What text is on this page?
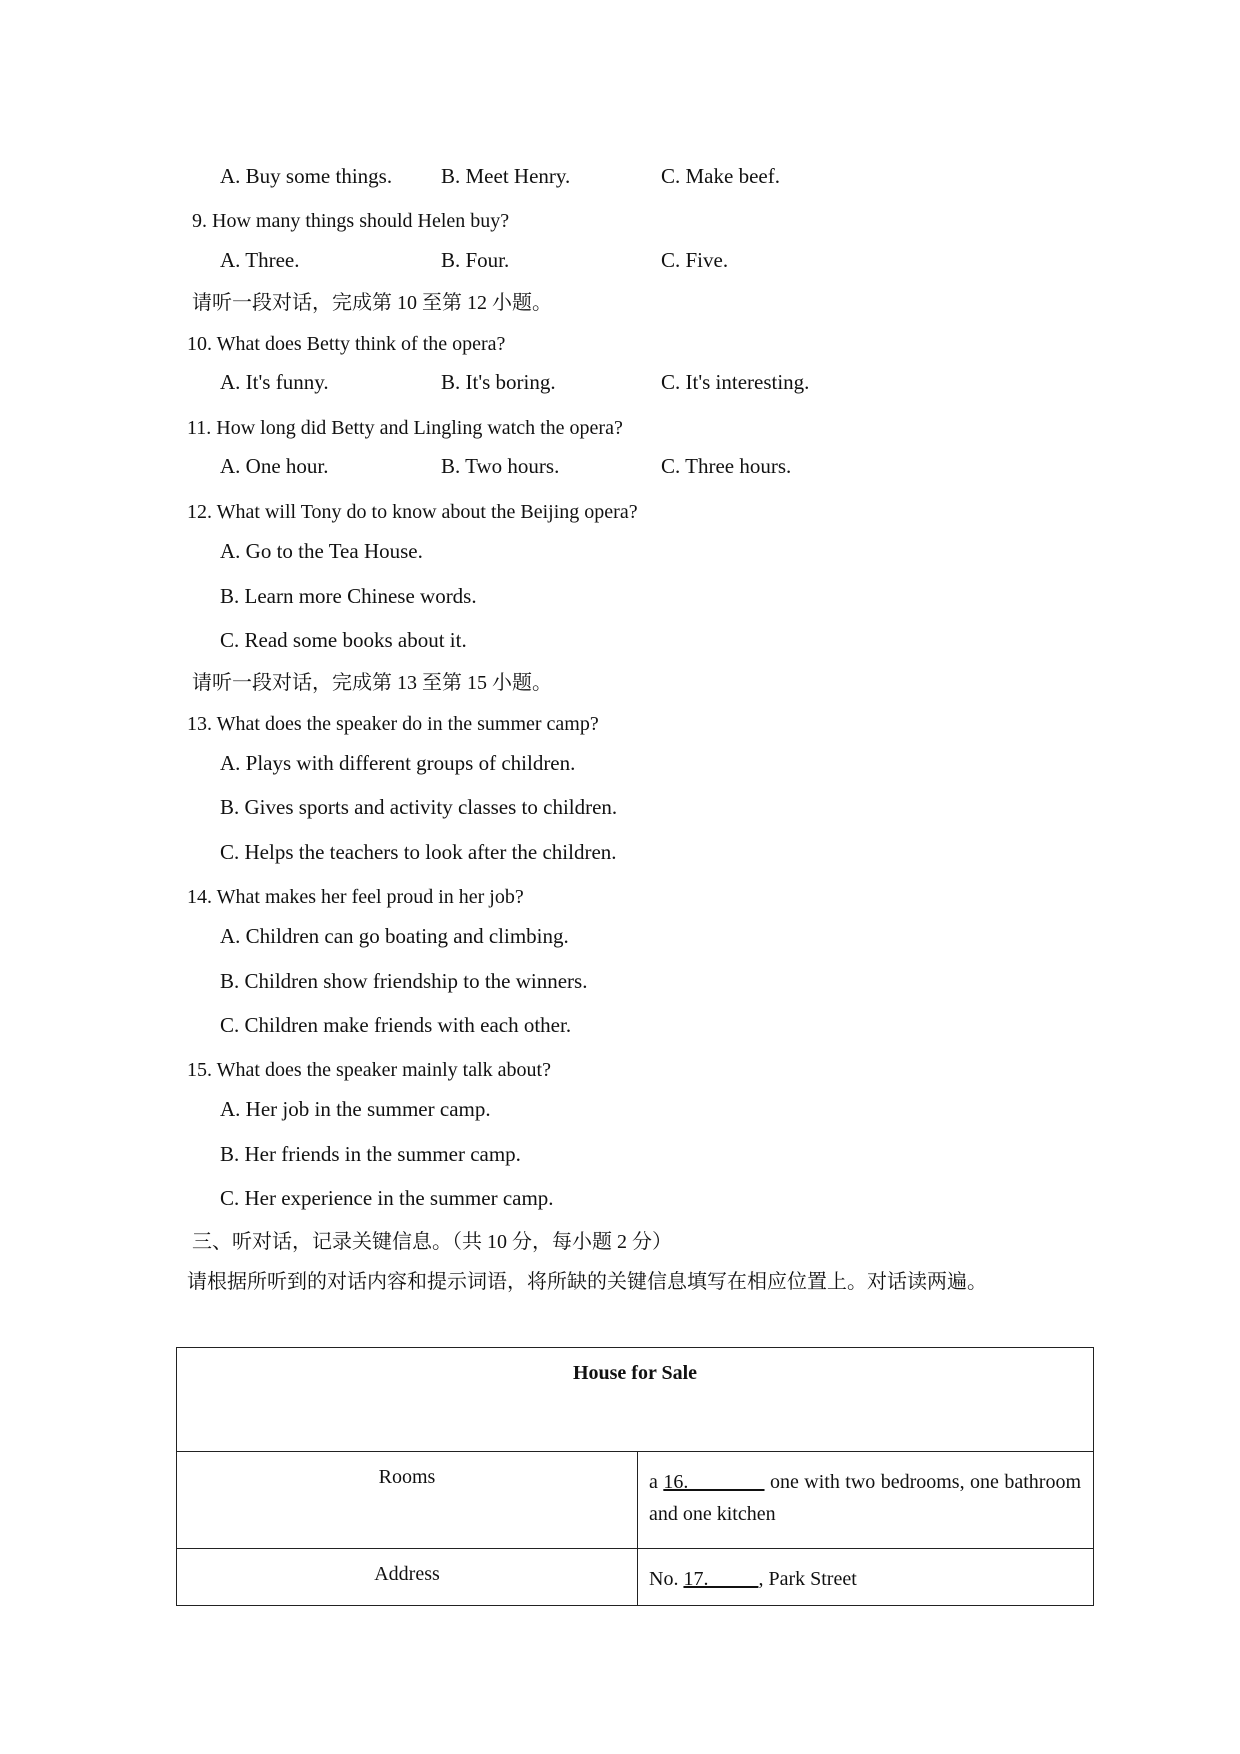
A. Buy some things. B. Meet Henry.	C. Make beef.
9. How many things should Helen buy?
A. Three.	B. Four.	C. Five.
请听一段对话，完成第 10 至第 12 小题。
10. What does Betty think of the opera?
A. It's funny.	B. It's boring.	C. It's interesting.
11. How long did Betty and Lingling watch the opera?
A. One hour.	B. Two hours.	C. Three hours.
12. What will Tony do to know about the Beijing opera?
A. Go to the Tea House.
B. Learn more Chinese words.
C. Read some books about it.
请听一段对话，完成第 13 至第 15 小题。
13. What does the speaker do in the summer camp?
A. Plays with different groups of children.
B. Gives sports and activity classes to children.
C. Helps the teachers to look after the children.
14. What makes her feel proud in her job?
A. Children can go boating and climbing.
B. Children show friendship to the winners.
C. Children make friends with each other.
15. What does the speaker mainly talk about?
A. Her job in the summer camp.
B. Her friends in the summer camp.
C. Her experience in the summer camp.
三、听对话，记录关键信息。（共 10 分，每小题 2 分）
请根据所听到的对话内容和提示词语，将所缺的关键信息填写在相应位置上。对话读两遍。
House for Sale	
Rooms	a 16.               one with two bedrooms, one bathroom and one kitchen
Address	No. 17.          , Park Street
